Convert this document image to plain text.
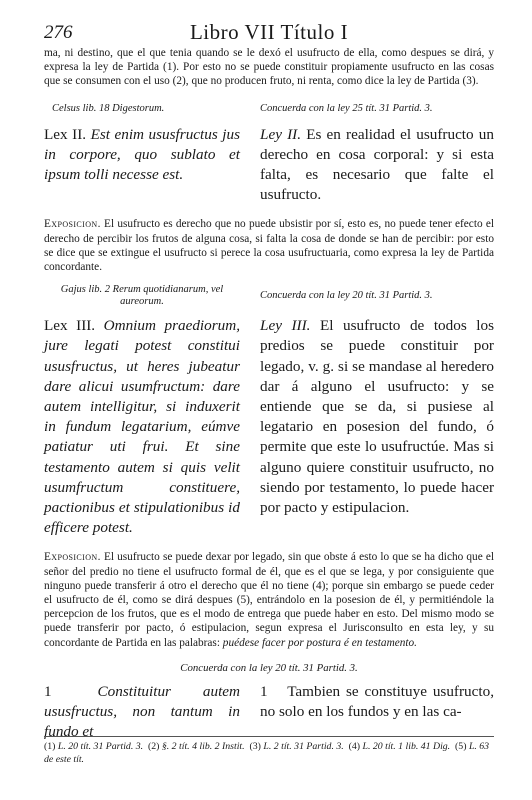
276	Libro VII Título I

ma, ni destino, que el que tenia quando se le dexó el usufructo de ella, como despues se dirá, y expresa la ley de Partida (1). Por esto no se puede constituir propiamente usufructo en las cosas que se consumen con el uso (2), que no producen fruto, ni renta, como dice la ley de Partida (3).

Celsus lib. 18 Digestorum.	Concuerda con la ley 25 tít. 31 Partid. 3.

Lex II. Est enim ususfructus jus in corpore, quo sublato et ipsum tolli necesse est.

Ley II. Es en realidad el usufructo un derecho en cosa corporal: y si esta falta, es necesario que falte el usufructo.

Exposicion. El usufructo es derecho que no puede ubsistir por sí, esto es, no puede tener efecto el derecho de percibir los frutos de alguna cosa, si falta la cosa de donde se han de percibir: por esto se dice que se extingue el usufructo si perece la cosa usufructuaria, como expresa la ley de Partida concordante.

Gajus lib. 2 Rerum quotidianarum, vel aureorum.

Concuerda con la ley 20 tít. 31 Partid. 3.

Lex III. Omnium praediorum, jure legati potest constitui ususfructus, ut heres jubeatur dare alicui usumfructum: dare autem intelligitur, si induxerit in fundum legatarium, eúmve patiatur uti frui. Et sine testamento autem si quis velit usumfructum constituere, pactionibus et stipulationibus id efficere potest.

Ley III. El usufructo de todos los predios se puede constituir por legado, v. g. si se mandase al heredero dar á alguno el usufructo: y se entiende que se da, si pusiese al legatario en posesion del fundo, ó permite que este lo usufructúe. Mas si alguno quiere constituir usufructo, no siendo por testamento, lo puede hacer por pacto y estipulacion.

Exposicion. El usufructo se puede dexar por legado, sin que obste á esto lo que se ha dicho que el señor del predio no tiene el usufructo formal de él, que es el que se lega, y por consiguiente que ninguno puede transferir á otro el derecho que él no tiene (4); porque sin embargo se puede ceder el usufructo de él, como se dirá despues (5), entrándolo en la posesion de él, y permitiéndole la percepcion de los frutos, que es el modo de entrega que puede haber en esto. Del mismo modo se puede transferir por pacto, ó estipulacion, segun expresa el Jurisconsulto en esta ley, y su concordante de Partida en las palabras: puédese facer por postura é en testamento.

Concuerda con la ley 20 tít. 31 Partid. 3.

1	Constituitur autem ususfructus, non tantum in fundo et

1 Tambien se constituye usufructo, no solo en los fundos y en las ca-

(1) L. 20 tít. 31 Partid. 3. (2) §. 2 tít. 4 lib. 2 Instit. (3) L. 2 tít. 31 Partid. 3. (4) L. 20 tít. 1 lib. 41 Dig. (5) L. 63 de este tít.
